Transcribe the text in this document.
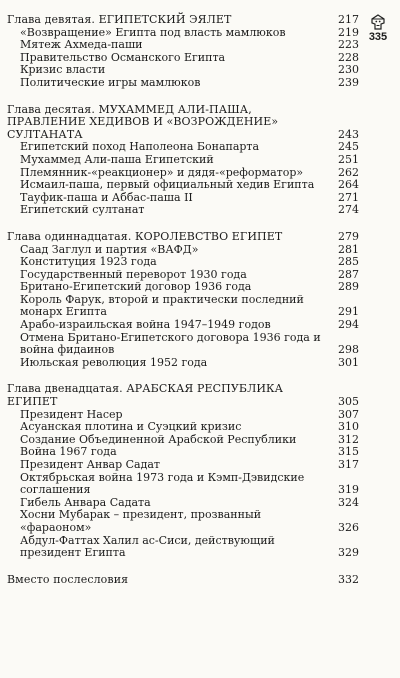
335
Глава девятая. ЕГИПЕТСКИЙ ЭЯЛЕТ	217
«Возвращение» Египта под власть мамлюков	219
Мятеж Ахмеда-паши	223
Правительство Османского Египта	228
Кризис власти	230
Политические игры мамлюков	239
Глава десятая. МУХАММЕД АЛИ-ПАША, ПРАВЛЕНИЕ ХЕДИВОВ И «ВОЗРОЖДЕНИЕ» СУЛТАНАТА	243
Египетский поход Наполеона Бонапарта	245
Мухаммед Али-паша Египетский	251
Племянник-«реакционер» и дядя-«реформатор»	262
Исмаил-паша, первый официальный хедив Египта	264
Тауфик-паша и Аббас-паша II	271
Египетский султанат	274
Глава одиннадцатая. КОРОЛЕВСТВО ЕГИПЕТ	279
Саад Заглул и партия «ВАФД»	281
Конституция 1923 года	285
Государственный переворот 1930 года	287
Британо-Египетский договор 1936 года	289
Король Фарук, второй и практически последний монарх Египта	291
Арабо-израильская война 1947–1949 годов	294
Отмена Британо-Египетского договора 1936 года и война фидаинов	298
Июльская революция 1952 года	301
Глава двенадцатая. АРАБСКАЯ РЕСПУБЛИКА ЕГИПЕТ	305
Президент Насер	307
Асуанская плотина и Суэцкий кризис	310
Создание Объединенной Арабской Республики	312
Война 1967 года	315
Президент Анвар Садат	317
Октябрьская война 1973 года и Кэмп-Дэвидские соглашения	319
Гибель Анвара Садата	324
Хосни Мубарак – президент, прозванный «фараоном»	326
Абдул-Фаттах Халил ас-Сиси, действующий президент Египта	329
Вместо послесловия	332
